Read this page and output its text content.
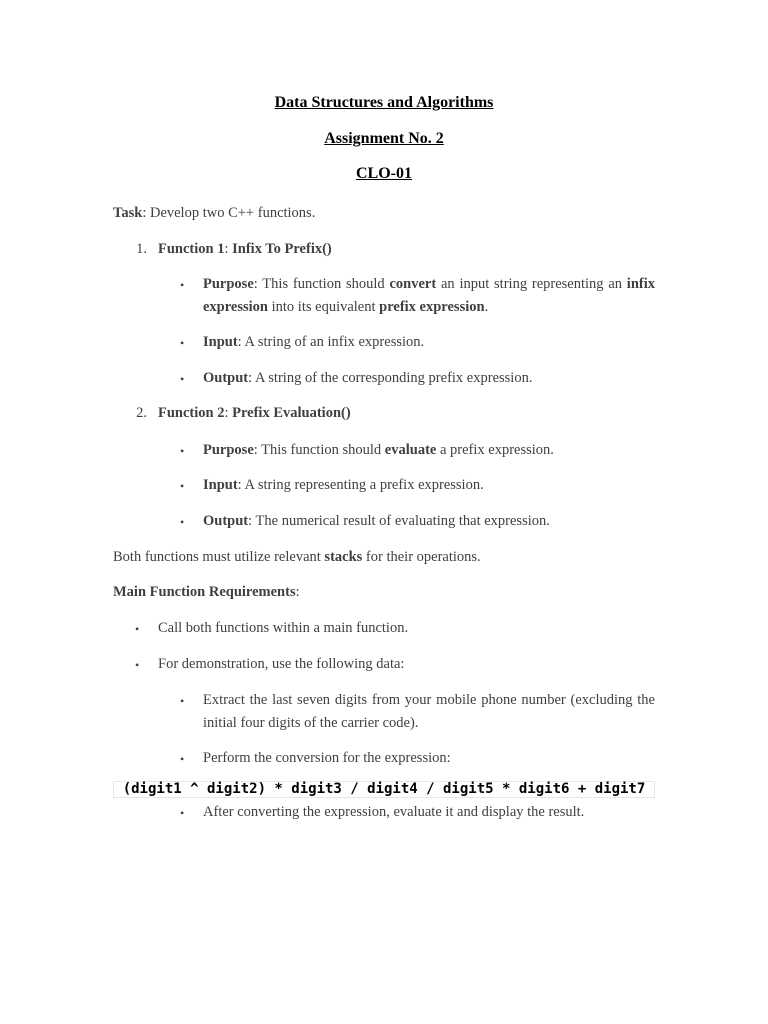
Data Structures and Algorithms
Assignment No. 2
CLO-01
Task: Develop two C++ functions.
1. Function 1: Infix To Prefix()
• Purpose: This function should convert an input string representing an infix expression into its equivalent prefix expression.
• Input: A string of an infix expression.
• Output: A string of the corresponding prefix expression.
2. Function 2: Prefix Evaluation()
• Purpose: This function should evaluate a prefix expression.
• Input: A string representing a prefix expression.
• Output: The numerical result of evaluating that expression.
Both functions must utilize relevant stacks for their operations.
Main Function Requirements:
• Call both functions within a main function.
• For demonstration, use the following data:
• Extract the last seven digits from your mobile phone number (excluding the initial four digits of the carrier code).
• Perform the conversion for the expression:
(digit1 ^ digit2) * digit3 / digit4 / digit5 * digit6 + digit7
• After converting the expression, evaluate it and display the result.
